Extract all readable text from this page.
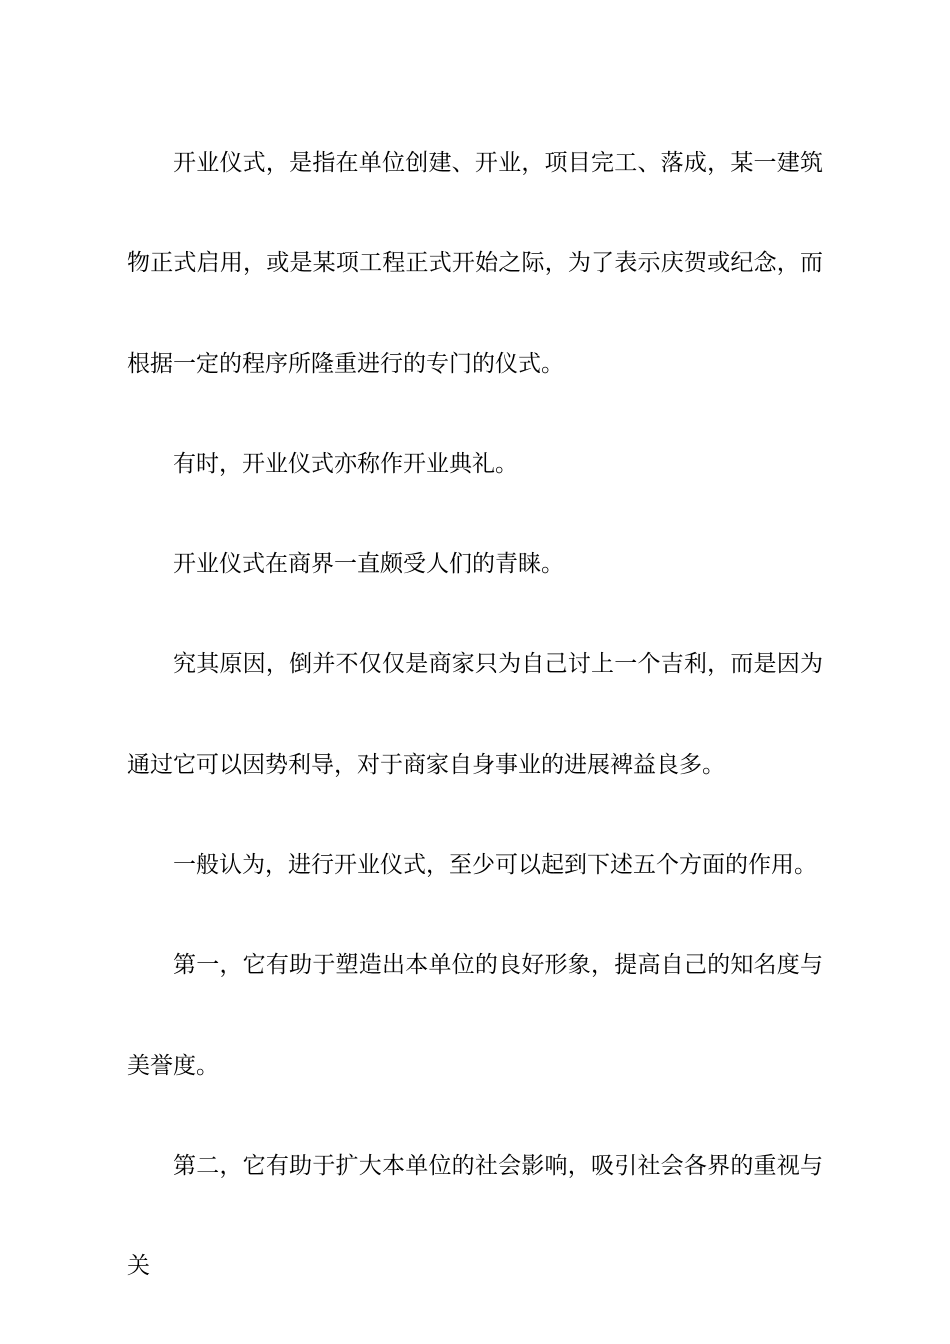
开业仪式，是指在单位创建、开业，项目完工、落成，某一建筑物正式启用，或是某项工程正式开始之际，为了表示庆贺或纪念，而根据一定的程序所隆重进行的专门的仪式。

有时，开业仪式亦称作开业典礼。

开业仪式在商界一直颇受人们的青睐。

究其原因，倒并不仅仅是商家只为自己讨上一个吉利，而是因为通过它可以因势利导，对于商家自身事业的进展裨益良多。

一般认为，进行开业仪式，至少可以起到下述五个方面的作用。

第一，它有助于塑造出本单位的良好形象，提高自己的知名度与美誉度。

第二，它有助于扩大本单位的社会影响，吸引社会各界的重视与关
